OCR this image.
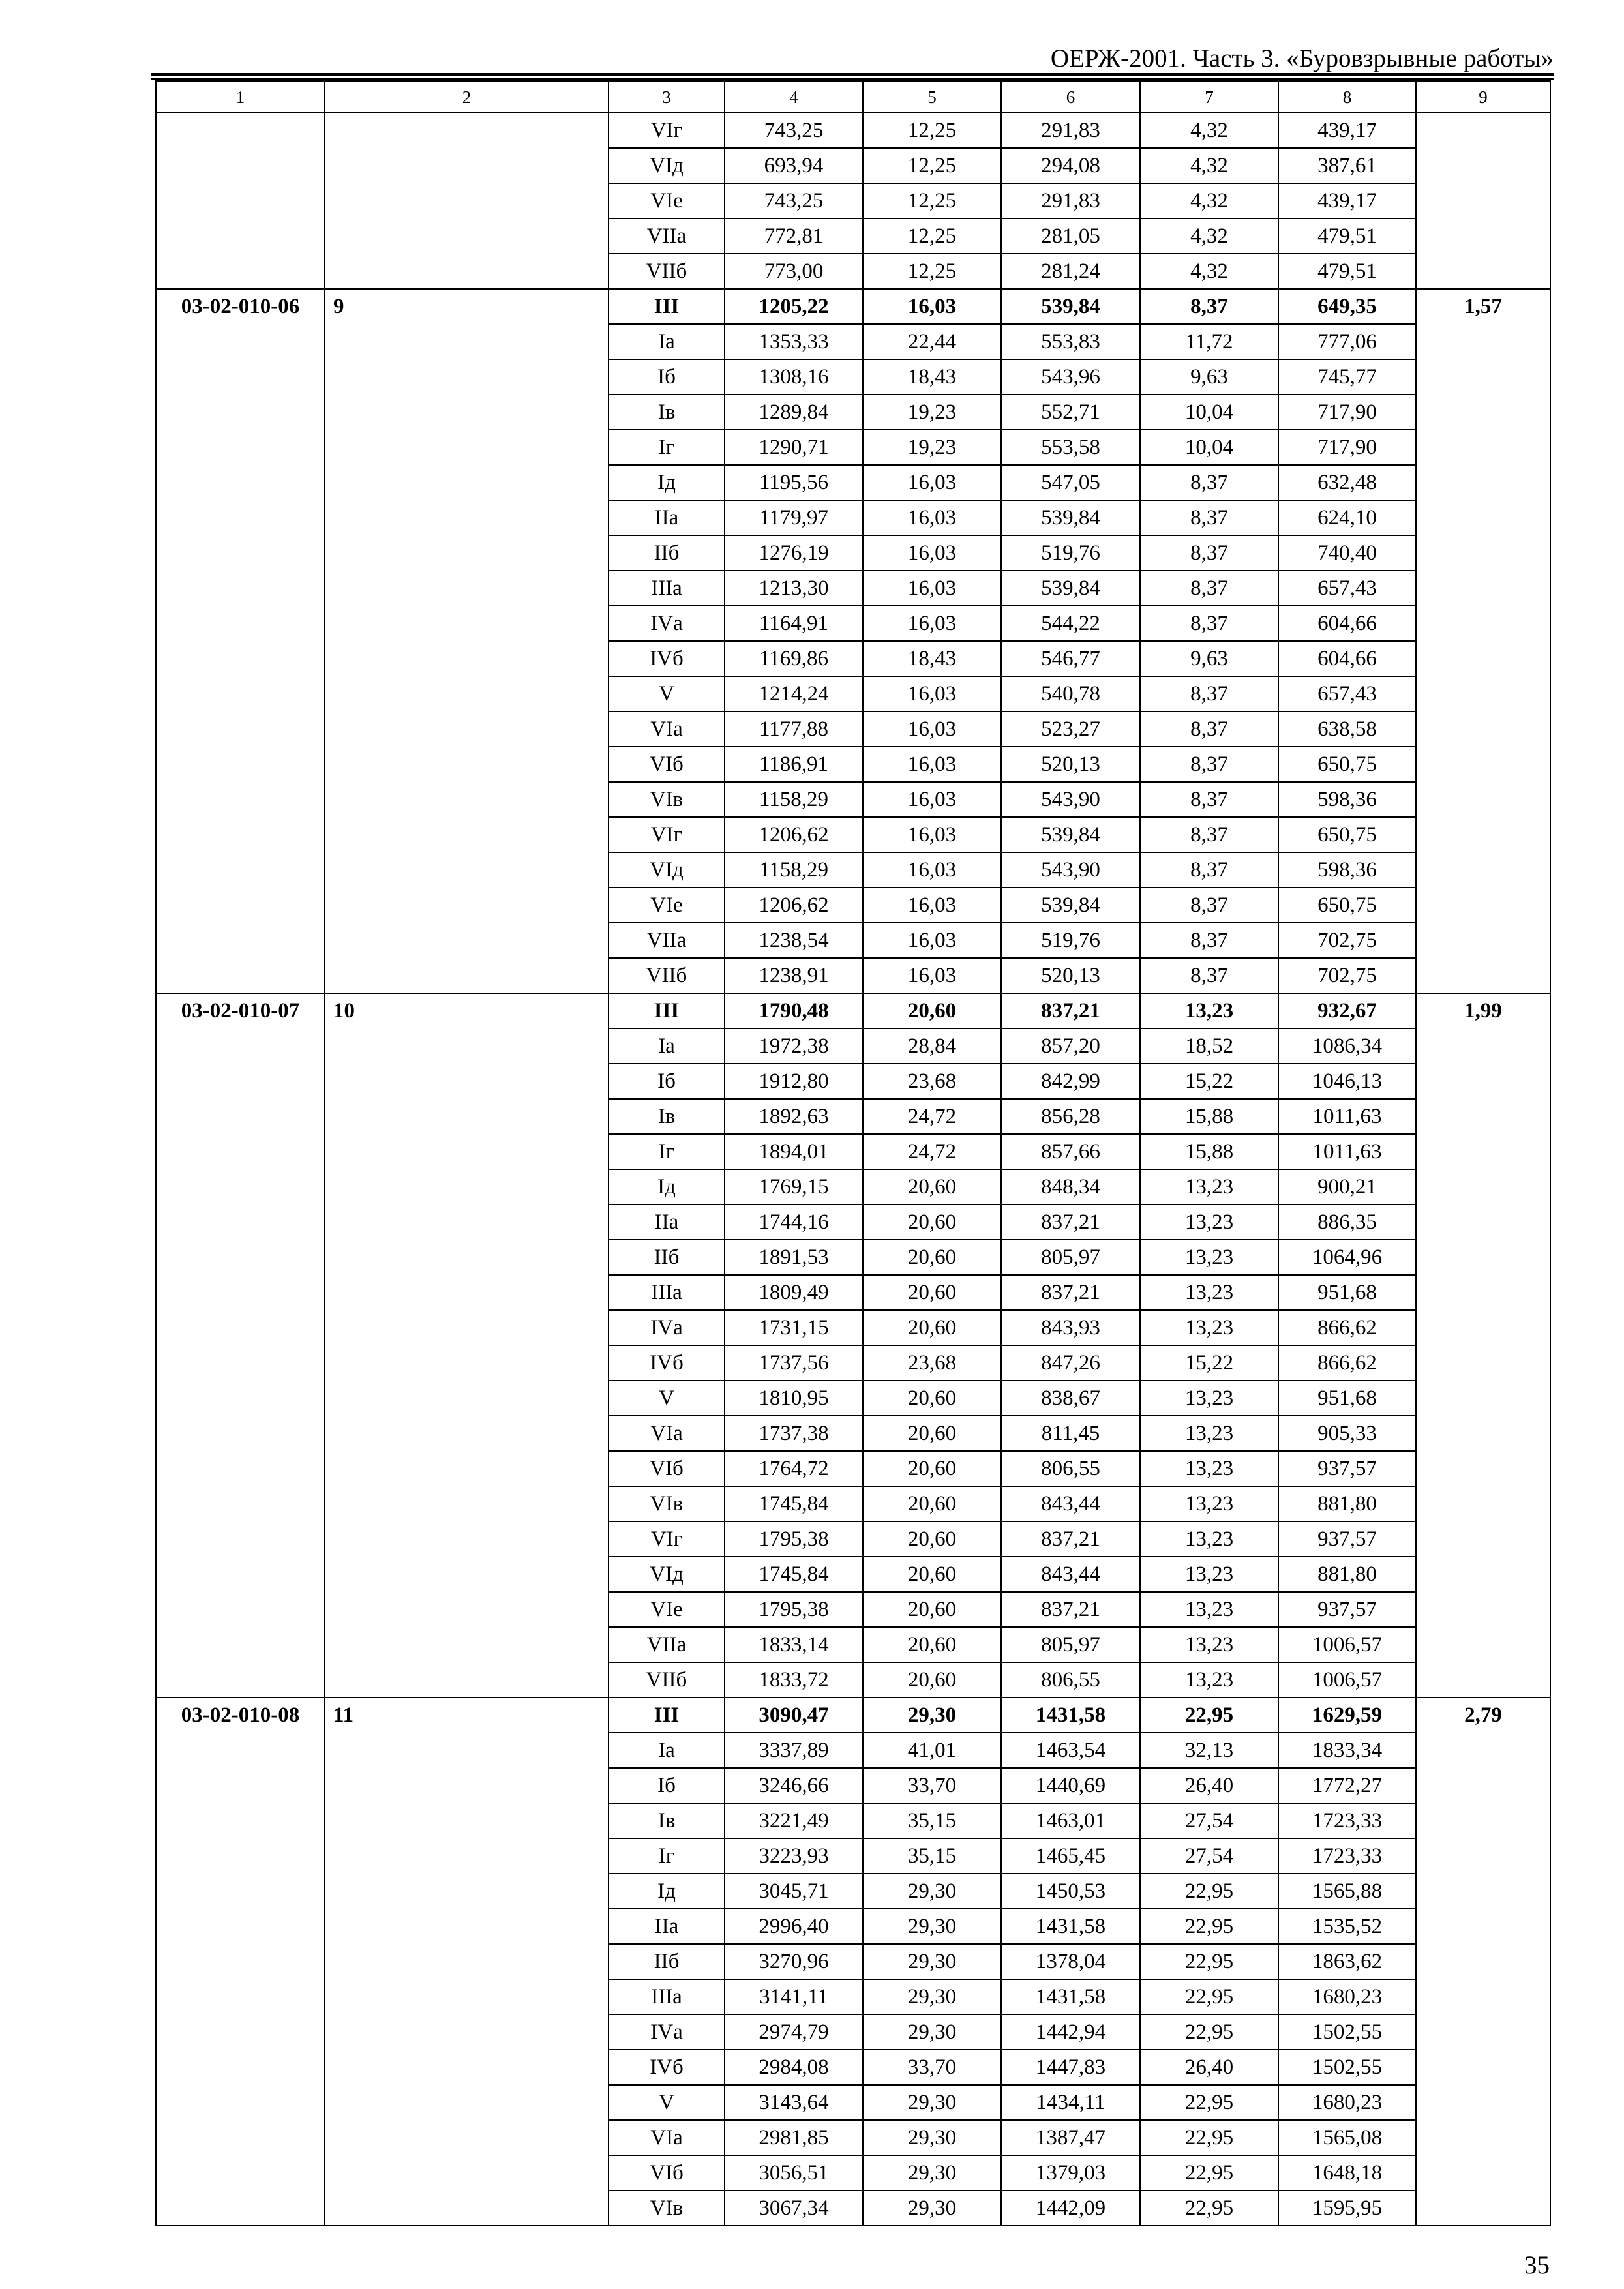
ОЕРЖ-2001. Часть 3. «Буровзрывные работы»
1	2	3	4	5	6	7	8	9
		VIг	743,25	12,25	291,83	4,32	439,17	
		VIд	693,94	12,25	294,08	4,32	387,61	
		VIе	743,25	12,25	291,83	4,32	439,17	
		VIIа	772,81	12,25	281,05	4,32	479,51	
		VIIб	773,00	12,25	281,24	4,32	479,51	
03-02-010-06	9	III	1205,22	16,03	539,84	8,37	649,35	1,57
		Iа	1353,33	22,44	553,83	11,72	777,06	
		Iб	1308,16	18,43	543,96	9,63	745,77	
		Iв	1289,84	19,23	552,71	10,04	717,90	
		Iг	1290,71	19,23	553,58	10,04	717,90	
		Iд	1195,56	16,03	547,05	8,37	632,48	
		IIа	1179,97	16,03	539,84	8,37	624,10	
		IIб	1276,19	16,03	519,76	8,37	740,40	
		IIIа	1213,30	16,03	539,84	8,37	657,43	
		IVа	1164,91	16,03	544,22	8,37	604,66	
		IVб	1169,86	18,43	546,77	9,63	604,66	
		V	1214,24	16,03	540,78	8,37	657,43	
		VIа	1177,88	16,03	523,27	8,37	638,58	
		VIб	1186,91	16,03	520,13	8,37	650,75	
		VIв	1158,29	16,03	543,90	8,37	598,36	
		VIг	1206,62	16,03	539,84	8,37	650,75	
		VIд	1158,29	16,03	543,90	8,37	598,36	
		VIе	1206,62	16,03	539,84	8,37	650,75	
		VIIа	1238,54	16,03	519,76	8,37	702,75	
		VIIб	1238,91	16,03	520,13	8,37	702,75	
03-02-010-07	10	III	1790,48	20,60	837,21	13,23	932,67	1,99
		Iа	1972,38	28,84	857,20	18,52	1086,34	
		Iб	1912,80	23,68	842,99	15,22	1046,13	
		Iв	1892,63	24,72	856,28	15,88	1011,63	
		Iг	1894,01	24,72	857,66	15,88	1011,63	
		Iд	1769,15	20,60	848,34	13,23	900,21	
		IIа	1744,16	20,60	837,21	13,23	886,35	
		IIб	1891,53	20,60	805,97	13,23	1064,96	
		IIIа	1809,49	20,60	837,21	13,23	951,68	
		IVа	1731,15	20,60	843,93	13,23	866,62	
		IVб	1737,56	23,68	847,26	15,22	866,62	
		V	1810,95	20,60	838,67	13,23	951,68	
		VIа	1737,38	20,60	811,45	13,23	905,33	
		VIб	1764,72	20,60	806,55	13,23	937,57	
		VIв	1745,84	20,60	843,44	13,23	881,80	
		VIг	1795,38	20,60	837,21	13,23	937,57	
		VIд	1745,84	20,60	843,44	13,23	881,80	
		VIе	1795,38	20,60	837,21	13,23	937,57	
		VIIа	1833,14	20,60	805,97	13,23	1006,57	
		VIIб	1833,72	20,60	806,55	13,23	1006,57	
03-02-010-08	11	III	3090,47	29,30	1431,58	22,95	1629,59	2,79
		Iа	3337,89	41,01	1463,54	32,13	1833,34	
		Iб	3246,66	33,70	1440,69	26,40	1772,27	
		Iв	3221,49	35,15	1463,01	27,54	1723,33	
		Iг	3223,93	35,15	1465,45	27,54	1723,33	
		Iд	3045,71	29,30	1450,53	22,95	1565,88	
		IIа	2996,40	29,30	1431,58	22,95	1535,52	
		IIб	3270,96	29,30	1378,04	22,95	1863,62	
		IIIа	3141,11	29,30	1431,58	22,95	1680,23	
		IVа	2974,79	29,30	1442,94	22,95	1502,55	
		IVб	2984,08	33,70	1447,83	26,40	1502,55	
		V	3143,64	29,30	1434,11	22,95	1680,23	
		VIа	2981,85	29,30	1387,47	22,95	1565,08	
		VIб	3056,51	29,30	1379,03	22,95	1648,18	
		VIв	3067,34	29,30	1442,09	22,95	1595,95	
35
